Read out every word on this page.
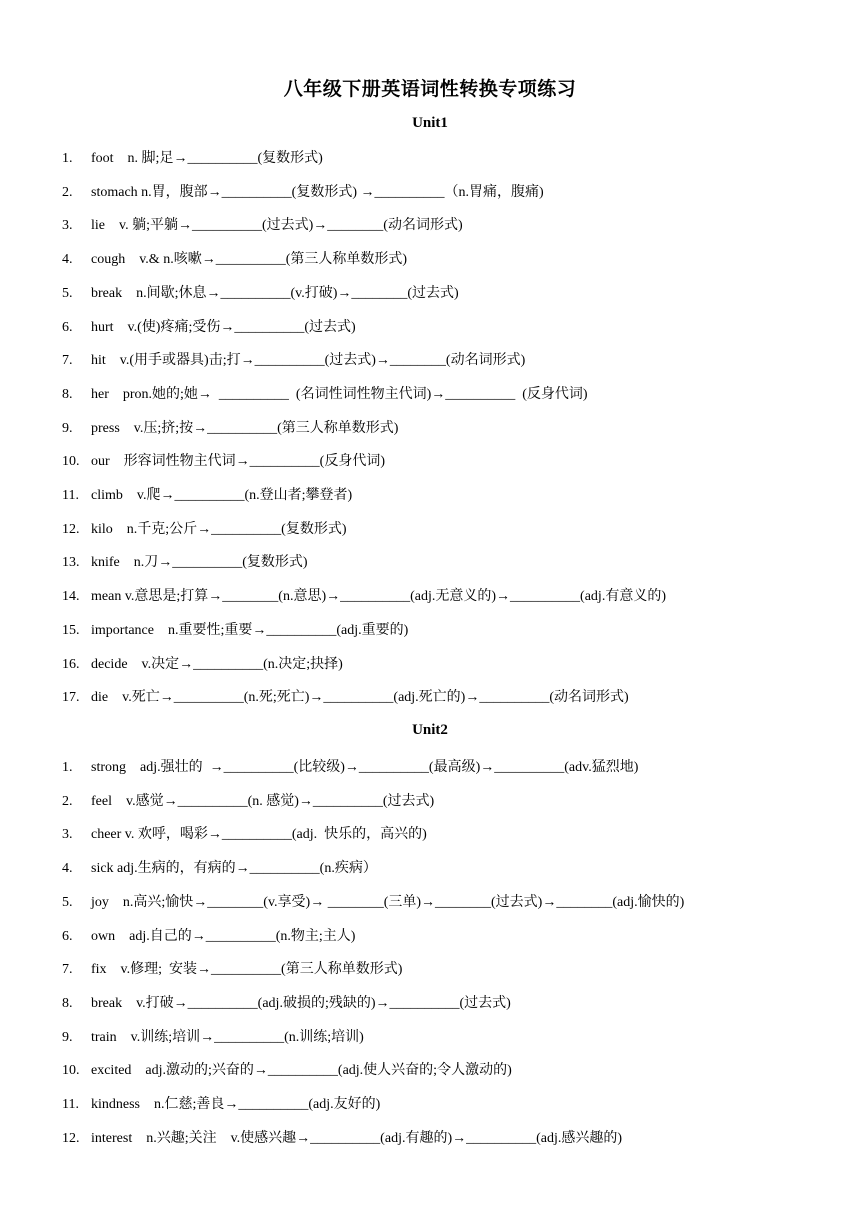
八年级下册英语词性转换专项练习
Unit1
1. foot    n. 脚;足→__________(复数形式)
2. stomach n.胃，腹部→__________(复数形式) →__________（n.胃痛，腹痛)
3. lie    v. 躺;平躺→__________(过去式)→________(动名词形式)
4. cough    v.& n.咳嗽→__________(第三人称单数形式)
5. break    n.间歇;休息→__________(v.打破)→________(过去式)
6. hurt    v.(使)疼痛;受伤→__________(过去式)
7. hit    v.(用手或器具)击;打→__________(过去式)→________(动名词形式)
8. her    pron.她的;她→  __________  (名词性词性物主代词)→__________  (反身代词)
9. press    v.压;挤;按→__________(第三人称单数形式)
10. our    形容词性物主代词→__________(反身代词)
11. climb    v.爬→__________(n.登山者;攀登者)
12. kilo    n.千克;公斤→__________(复数形式)
13. knife    n.刀→__________(复数形式)
14. mean v.意思是;打算→________(n.意思)→__________(adj.无意义的)→__________(adj.有意义的)
15. importance    n.重要性;重要→__________(adj.重要的)
16. decide    v.决定→__________(n.决定;抉择)
17. die    v.死亡→__________(n.死;死亡)→__________(adj.死亡的)→__________(动名词形式)
Unit2
1. strong    adj.强壮的  →__________(比较级)→__________(最高级)→__________(adv.猛烈地)
2. feel    v.感觉→__________(n. 感觉)→__________(过去式)
3. cheer v. 欢呼，喝彩→__________(adj.  快乐的，高兴的)
4. sick adj.生病的，有病的→__________(n.疾病）
5. joy    n.高兴;愉快→________(v.享受)→ ________(三单)→________(过去式)→________(adj.愉快的)
6. own    adj.自己的→__________(n.物主;主人)
7. fix    v.修理;  安装→__________(第三人称单数形式)
8. break    v.打破→__________(adj.破损的;残缺的)→__________(过去式)
9. train    v.训练;培训→__________(n.训练;培训)
10. excited    adj.激动的;兴奋的→__________(adj.使人兴奋的;令人激动的)
11. kindness    n.仁慈;善良→__________(adj.友好的)
12. interest    n.兴趣;关注    v.使感兴趣→__________(adj.有趣的)→__________(adj.感兴趣的)
